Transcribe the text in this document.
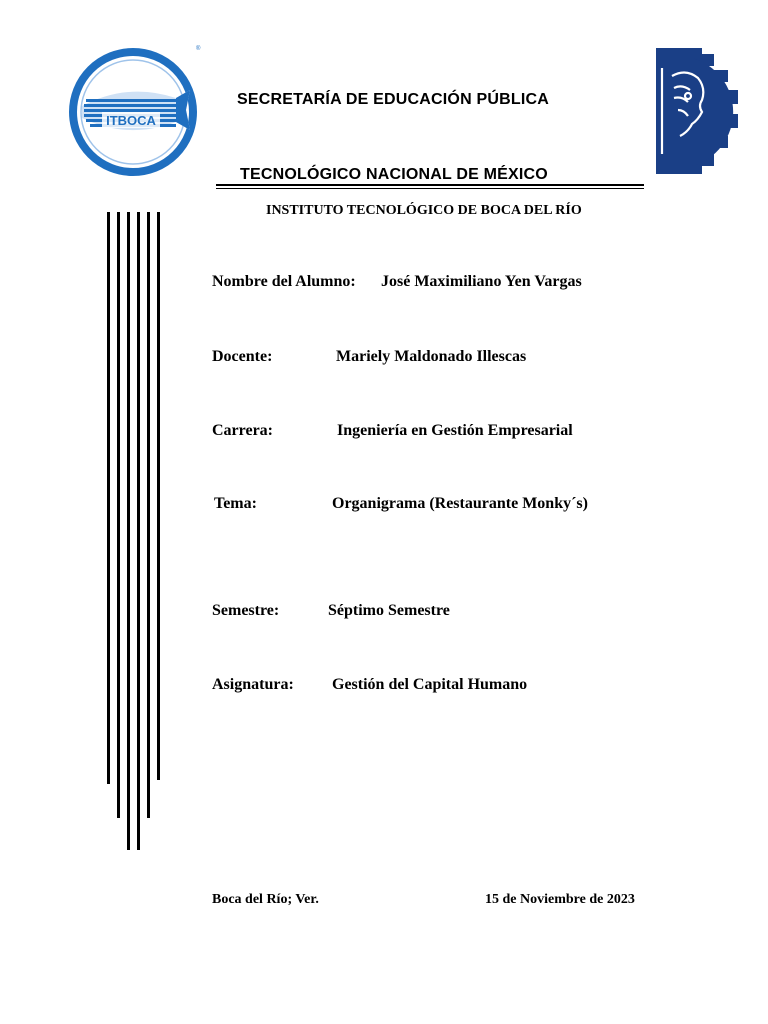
ITBOCA
®
SECRETARÍA DE EDUCACIÓN PÚBLICA
TECNOLÓGICO NACIONAL DE MÉXICO
INSTITUTO TECNOLÓGICO DE BOCA DEL RÍO
Nombre del Alumno: José Maximiliano Yen Vargas
Docente:	Mariely Maldonado Illescas
Carrera:	Ingeniería en Gestión Empresarial
Tema:	Organigrama (Restaurante Monky´s)
Semestre:	Séptimo Semestre
Asignatura: Gestión del Capital Humano
Boca del Río; Ver.	15 de Noviembre de 2023
